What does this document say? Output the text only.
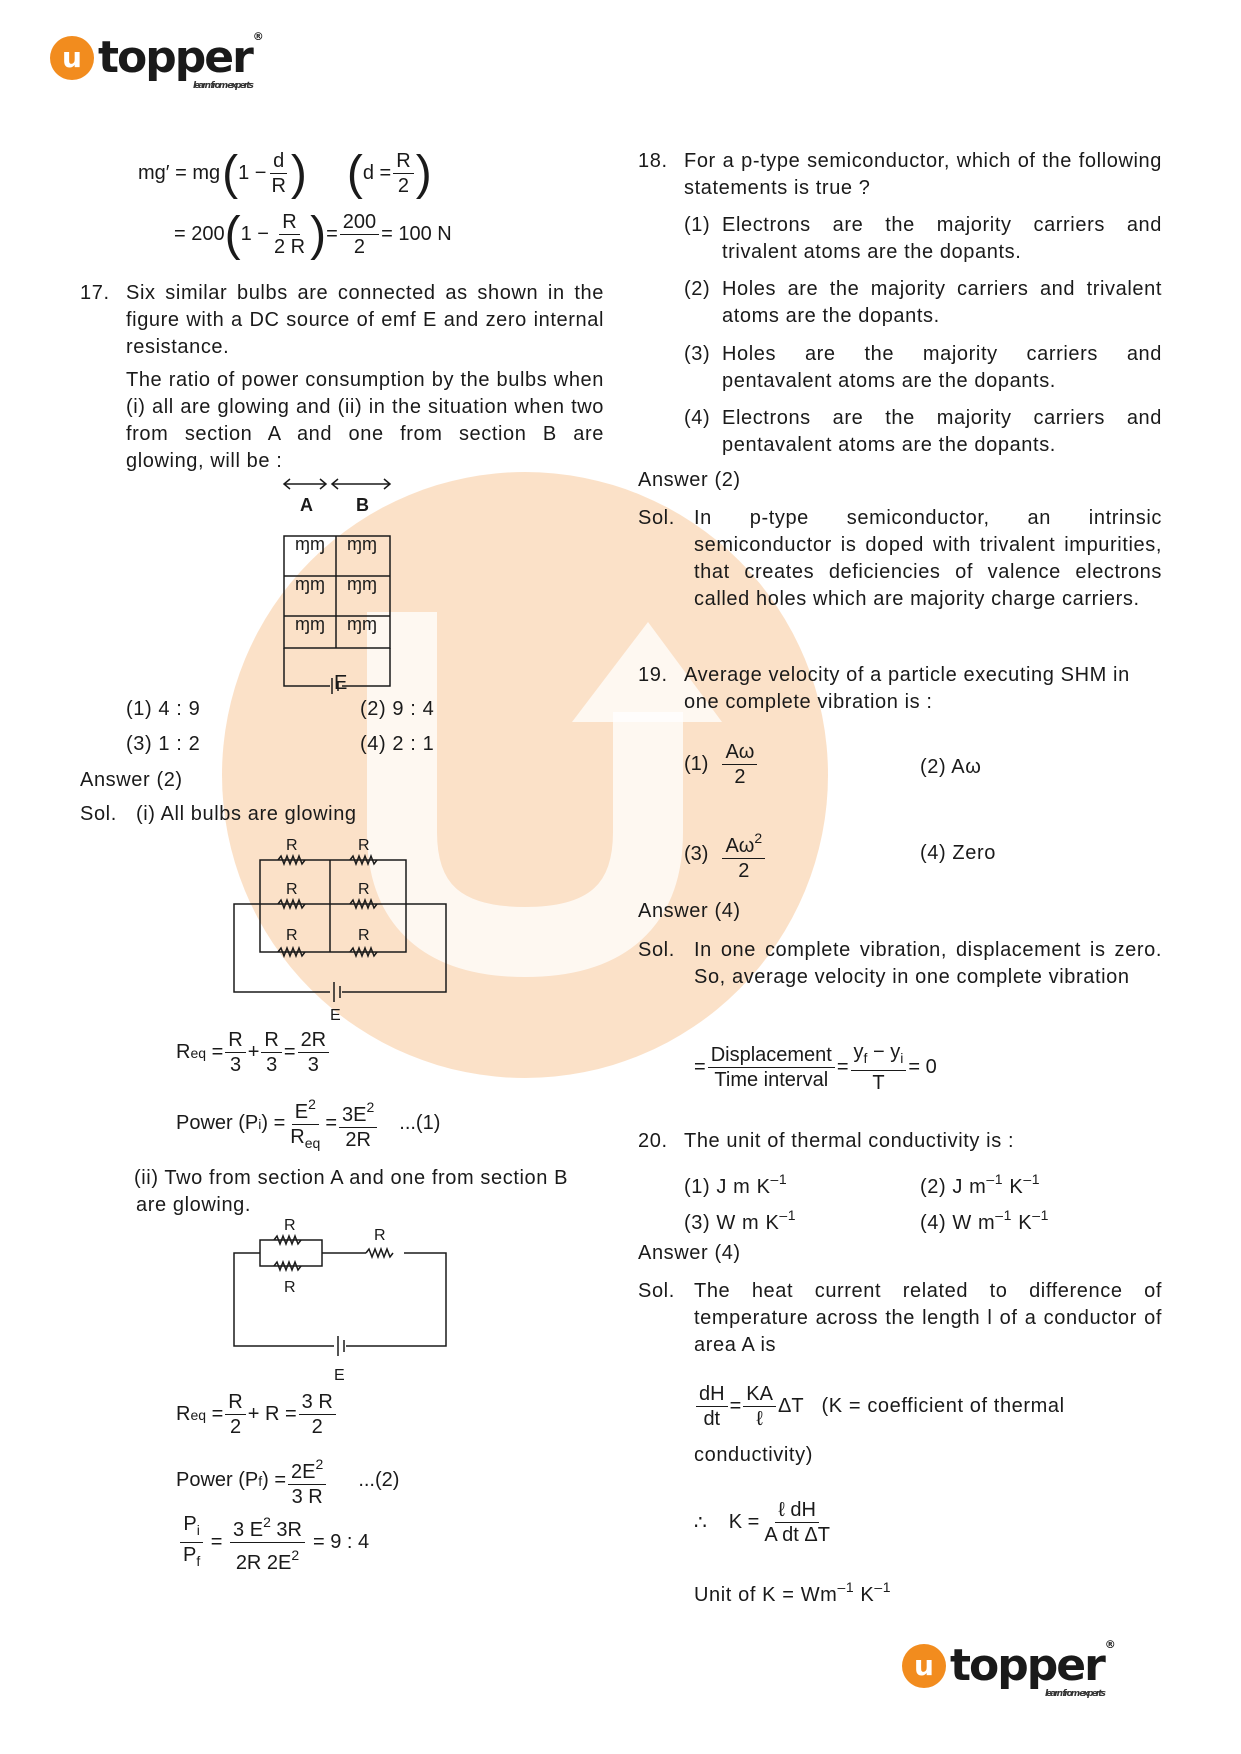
u topper ®
learn from experts
u topper ®
learn from experts
mg′ = mg ( $1 - \frac{d}{R}$ ) ( $d = \frac{R}{2}$ )
= 200 ( $1 - \frac{R}{2 R}$ ) = $\frac{200}{2} = 100$ N
17. Six similar bulbs are connected as shown in the figure with a DC source of emf E and zero internal resistance.
The ratio of power consumption by the bulbs when (i) all are glowing and (ii) in the situation when two from section A and one from section B are glowing, will be :
ɱɱ ɱɱ
ɱɱ ɱɱ
ɱɱ ɱɱ
A B
E
(1) 4 : 9	(2) 9 : 4
(3) 1 : 2	(4) 2 : 1
Answer (2)
Sol. (i) All bulbs are glowing
R	R
R	R
R	R
E
R eq = $\frac{R}{3} + \frac{R}{3} = \frac{2R}{3}$
Power (P i ) = $\frac{E^2}{R_{eq}} = \frac{3E^2}{2R} ...(1)$
(ii) Two from section A and one from section B are glowing.
R
R
R
E
R eq = $\frac{R}{2} + R = \frac{3 R}{2}$
Power (P f ) = $\frac{2E^2}{3 R} ...(2)$
$\frac{P_i}{P_f} = \frac{3 E^2 3R}{2R 2E^2} = 9$ : 4
18. For a p-type semiconductor, which of the following statements is true ?
(1) Electrons are the majority carriers and trivalent atoms are the dopants.
(2) Holes are the majority carriers and trivalent atoms are the dopants.
(3) Holes are the majority carriers and pentavalent atoms are the dopants.
(4) Electrons are the majority carriers and pentavalent atoms are the dopants.
Answer (2)
Sol. In p-type semiconductor, an intrinsic semiconductor is doped with trivalent impurities, that creates deficiencies of valence electrons called holes which are majority charge carriers.
19. Average velocity of a particle executing SHM in one complete vibration is :
$(1) \frac{A\omega}{2}$	(2) Aω
$(3) \frac{A\omega^2}{2}$	(4) Zero
Answer (4)
Sol. In one complete vibration, displacement is zero. So, average velocity in one complete vibration
= $\frac{\text{Displacement}}{\text{Time interval}} = \frac{y_f - y_i}{T} = 0$
20. The unit of thermal conductivity is :
(1) J m $K^{-1}$	(2) J $m^{-1}$ $K^{-1}$
(3) W m $K^{-1}$	(4) W $m^{-1}$ $K^{-1}$
Answer (4)
Sol. The heat current related to difference of temperature across the length l of a conductor of area A is
$\frac{dH}{dt} = \frac{KA}{\text{ℓ}}$ ΔT (K = coefficient of thermal
conductivity)
∴ $K = \frac{\text{ℓ dH}}{\text{A dt ΔT}}$
Unit of $K = Wm^{-1}$ $K^{-1}$
